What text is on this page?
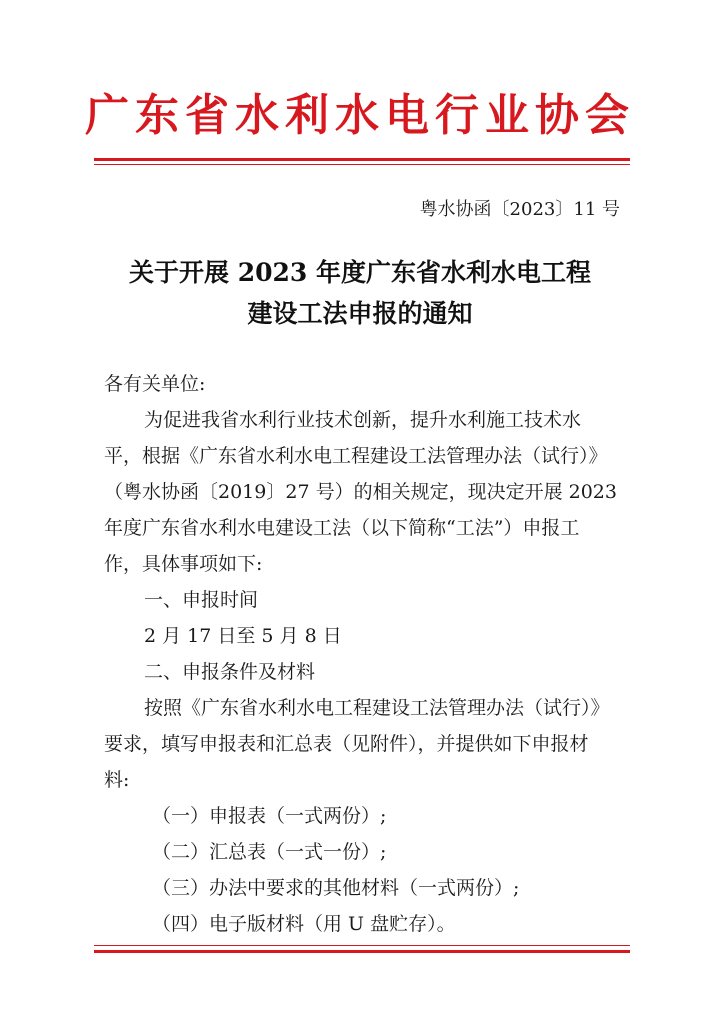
广东省水利水电行业协会
粤水协函〔2023〕11 号
关于开展 2023 年度广东省水利水电工程
建设工法申报的通知
各有关单位:
为促进我省水利行业技术创新，提升水利施工技术水
平，根据《广东省水利水电工程建设工法管理办法（试行）》
（粤水协函〔2019〕27 号）的相关规定，现决定开展 2023
年度广东省水利水电建设工法（以下简称“工法”）申报工
作，具体事项如下:
一、申报时间
2 月 17 日至 5 月 8 日
二、申报条件及材料
按照《广东省水利水电工程建设工法管理办法（试行）》
要求，填写申报表和汇总表（见附件），并提供如下申报材
料:
（一）申报表（一式两份）;
（二）汇总表（一式一份）;
（三）办法中要求的其他材料（一式两份）;
（四）电子版材料（用 U 盘贮存）。
